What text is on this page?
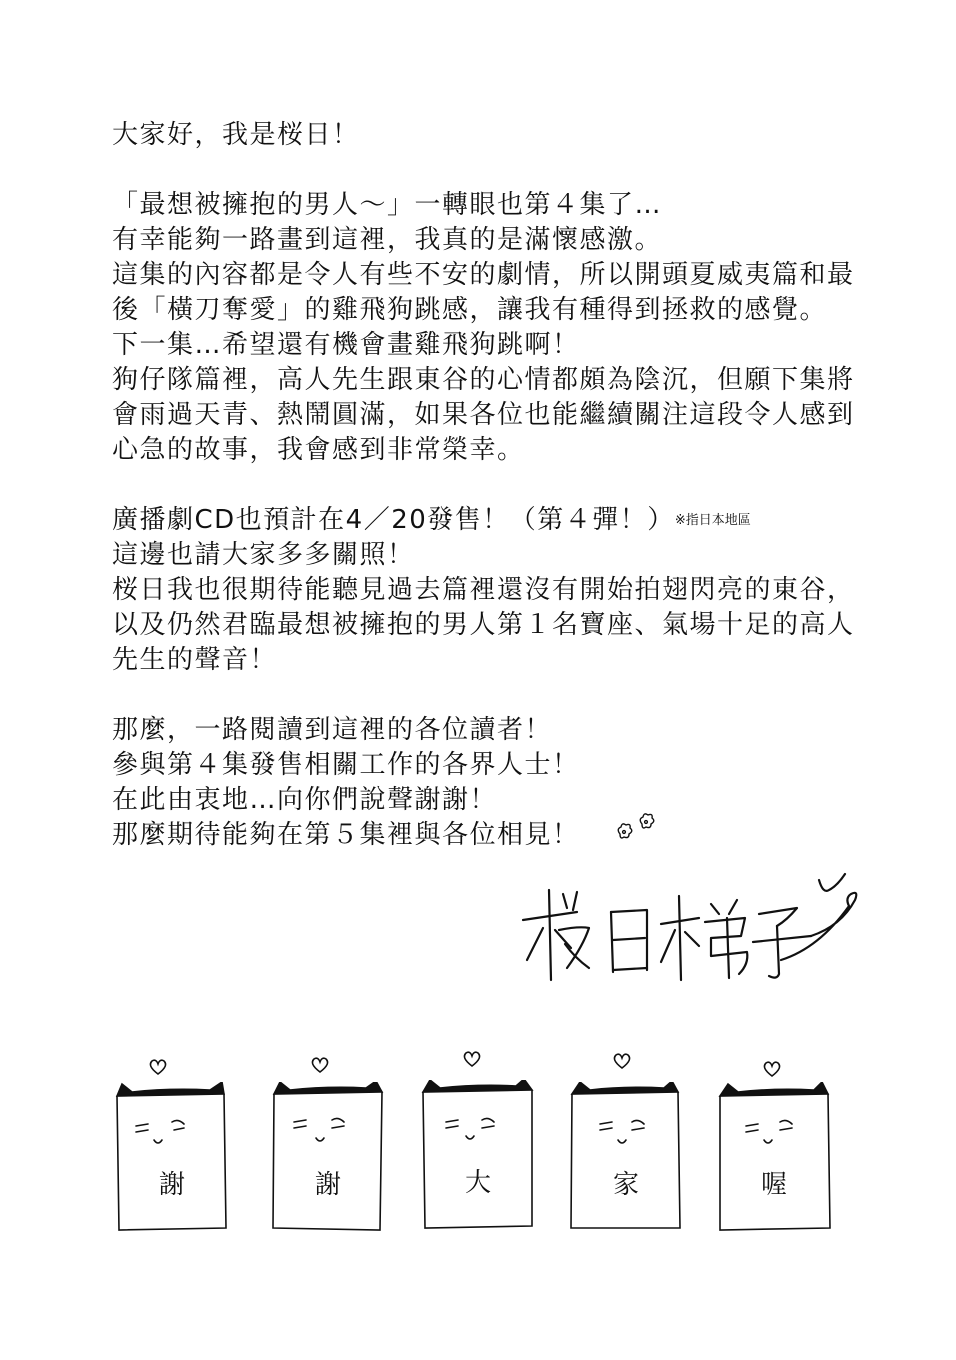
大家好，我是桜日！
「最想被擁抱的男人～」一轉眼也第４集了…
有幸能夠一路畫到這裡，我真的是滿懷感激。
這集的內容都是令人有些不安的劇情，所以開頭夏威夷篇和最
後「橫刀奪愛」的雞飛狗跳感，讓我有種得到拯救的感覺。
下一集…希望還有機會畫雞飛狗跳啊！
狗仔隊篇裡，高人先生跟東谷的心情都頗為陰沉，但願下集將
會雨過天青、熱鬧圓滿，如果各位也能繼續關注這段令人感到
心急的故事，我會感到非常榮幸。
廣播劇CD也預計在4／20發售！（第４彈！）※指日本地區
這邊也請大家多多關照！
桜日我也很期待能聽見過去篇裡還沒有開始拍翅閃亮的東谷，
以及仍然君臨最想被擁抱的男人第１名寶座、氣場十足的高人
先生的聲音！
那麼，一路閱讀到這裡的各位讀者！
參與第４集發售相關工作的各界人士！
在此由衷地…向你們說聲謝謝！
那麼期待能夠在第５集裡與各位相見！
謝	謝	大	家	喔
